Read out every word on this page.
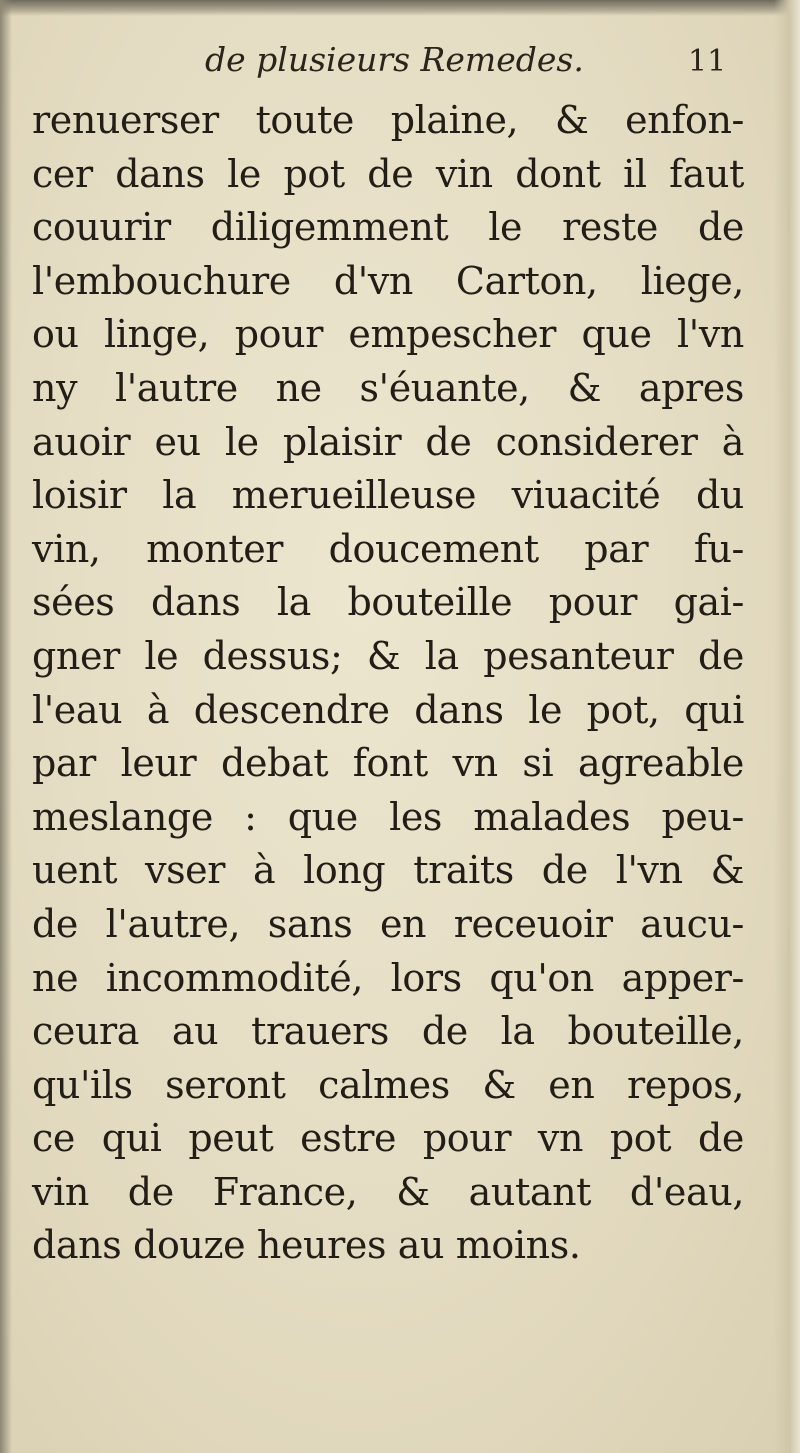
de plusieurs Remedes.	11
renuerser toute plaine, & enfon-
cer dans le pot de vin dont il faut
couurir diligemment le reste de
l'embouchure d'vn Carton, liege,
ou linge, pour empescher que l'vn
ny l'autre ne s'éuante, & apres
auoir eu le plaisir de considerer à
loisir la merueilleuse viuacité du
vin, monter doucement par fu-
sées dans la bouteille pour gai-
gner le dessus; & la pesanteur de
l'eau à descendre dans le pot, qui
par leur debat font vn si agreable
meslange : que les malades peu-
uent vser à long traits de l'vn &
de l'autre, sans en receuoir aucu-
ne incommodité, lors qu'on apper-
ceura au trauers de la bouteille,
qu'ils seront calmes & en repos,
ce qui peut estre pour vn pot de
vin de France, & autant d'eau,
dans douze heures au moins.
